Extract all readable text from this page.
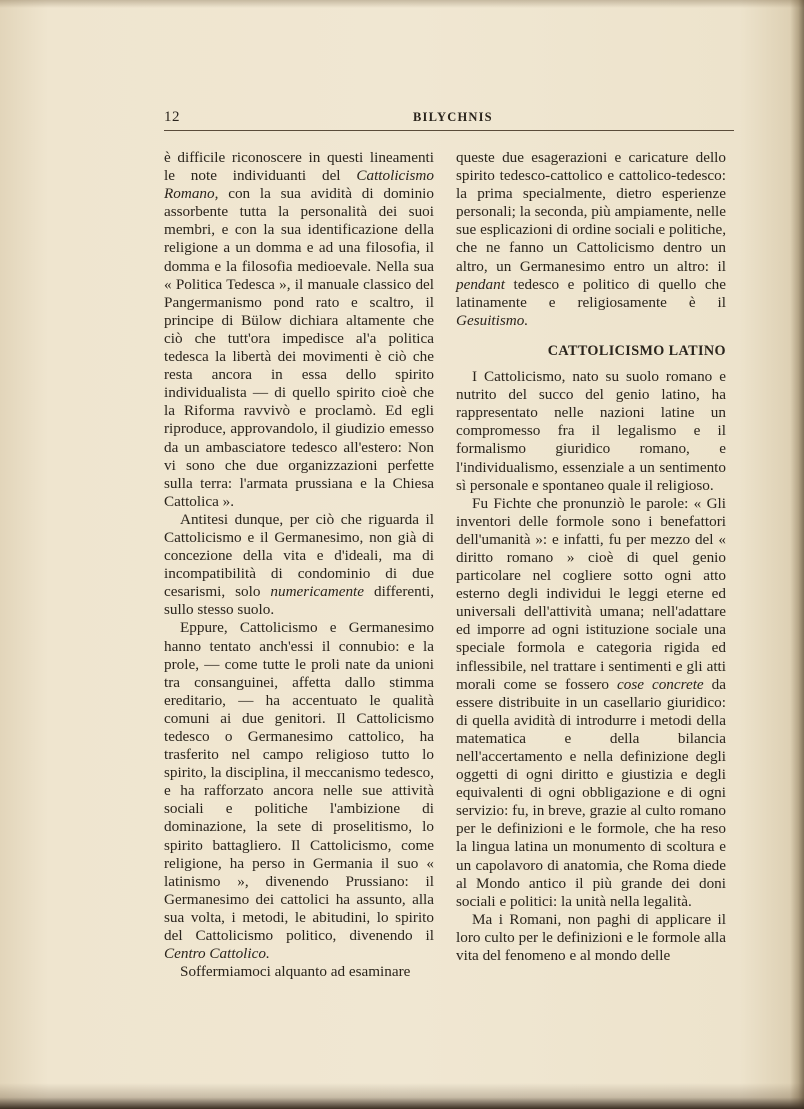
12	BILYCHNIS

è difficile riconoscere in questi lineamenti le note individuanti del Cattolicismo Romano, con la sua avidità di dominio assorbente tutta la personalità dei suoi membri, e con la sua identificazione della religione a un domma e ad una filosofia, il domma e la filosofia medioevale. Nella sua « Politica Tedesca », il manuale classico del Pangermanismo pond rato e scaltro, il principe di Bülow dichiara altamente che ciò che tutt'ora impedisce al'a politica tedesca la libertà dei movimenti è ciò che resta ancora in essa dello spirito individualista — di quello spirito cioè che la Riforma ravvivò e proclamò. Ed egli riproduce, approvandolo, il giudizio emesso da un ambasciatore tedesco all'estero: Non vi sono che due organizzazioni perfette sulla terra: l'armata prussiana e la Chiesa Cattolica ».

Antitesi dunque, per ciò che riguarda il Cattolicismo e il Germanesimo, non già di concezione della vita e d'ideali, ma di incompatibilità di condominio di due cesarismi, solo numericamente differenti, sullo stesso suolo.

Eppure, Cattolicismo e Germanesimo hanno tentato anch'essi il connubio: e la prole, — come tutte le proli nate da unioni tra consanguinei, affetta dallo stimma ereditario, — ha accentuato le qualità comuni ai due genitori. Il Cattolicismo tedesco o Germanesimo cattolico, ha trasferito nel campo religioso tutto lo spirito, la disciplina, il meccanismo tedesco, e ha rafforzato ancora nelle sue attività sociali e politiche l'ambizione di dominazione, la sete di proselitismo, lo spirito battagliero. Il Cattolicismo, come religione, ha perso in Germania il suo « latinismo », divenendo Prussiano: il Germanesimo dei cattolici ha assunto, alla sua volta, i metodi, le abitudini, lo spirito del Cattolicismo politico, divenendo il Centro Cattolico.

Soffermiamoci alquanto ad esaminare

queste due esagerazioni e caricature dello spirito tedesco-cattolico e cattolico-tedesco: la prima specialmente, dietro esperienze personali; la seconda, più ampiamente, nelle sue esplicazioni di ordine sociali e politiche, che ne fanno un Cattolicismo dentro un altro, un Germanesimo entro un altro: il pendant tedesco e politico di quello che latinamente e religiosamente è il Gesuitismo.

CATTOLICISMO LATINO

I Cattolicismo, nato su suolo romano e nutrito del succo del genio latino, ha rappresentato nelle nazioni latine un compromesso fra il legalismo e il formalismo giuridico romano, e l'individualismo, essenziale a un sentimento sì personale e spontaneo quale il religioso.

Fu Fichte che pronunziò le parole: « Gli inventori delle formole sono i benefattori dell'umanità »: e infatti, fu per mezzo del « diritto romano » cioè di quel genio particolare nel cogliere sotto ogni atto esterno degli individui le leggi eterne ed universali dell'attività umana; nell'adattare ed imporre ad ogni istituzione sociale una speciale formola e categoria rigida ed inflessibile, nel trattare i sentimenti e gli atti morali come se fossero cose concrete da essere distribuite in un casellario giuridico: di quella avidità di introdurre i metodi della matematica e della bilancia nell'accertamento e nella definizione degli oggetti di ogni diritto e giustizia e degli equivalenti di ogni obbligazione e di ogni servizio: fu, in breve, grazie al culto romano per le definizioni e le formole, che ha reso la lingua latina un monumento di scoltura e un capolavoro di anatomia, che Roma diede al Mondo antico il più grande dei doni sociali e politici: la unità nella legalità.

Ma i Romani, non paghi di applicare il loro culto per le definizioni e le formole alla vita del fenomeno e al mondo delle
